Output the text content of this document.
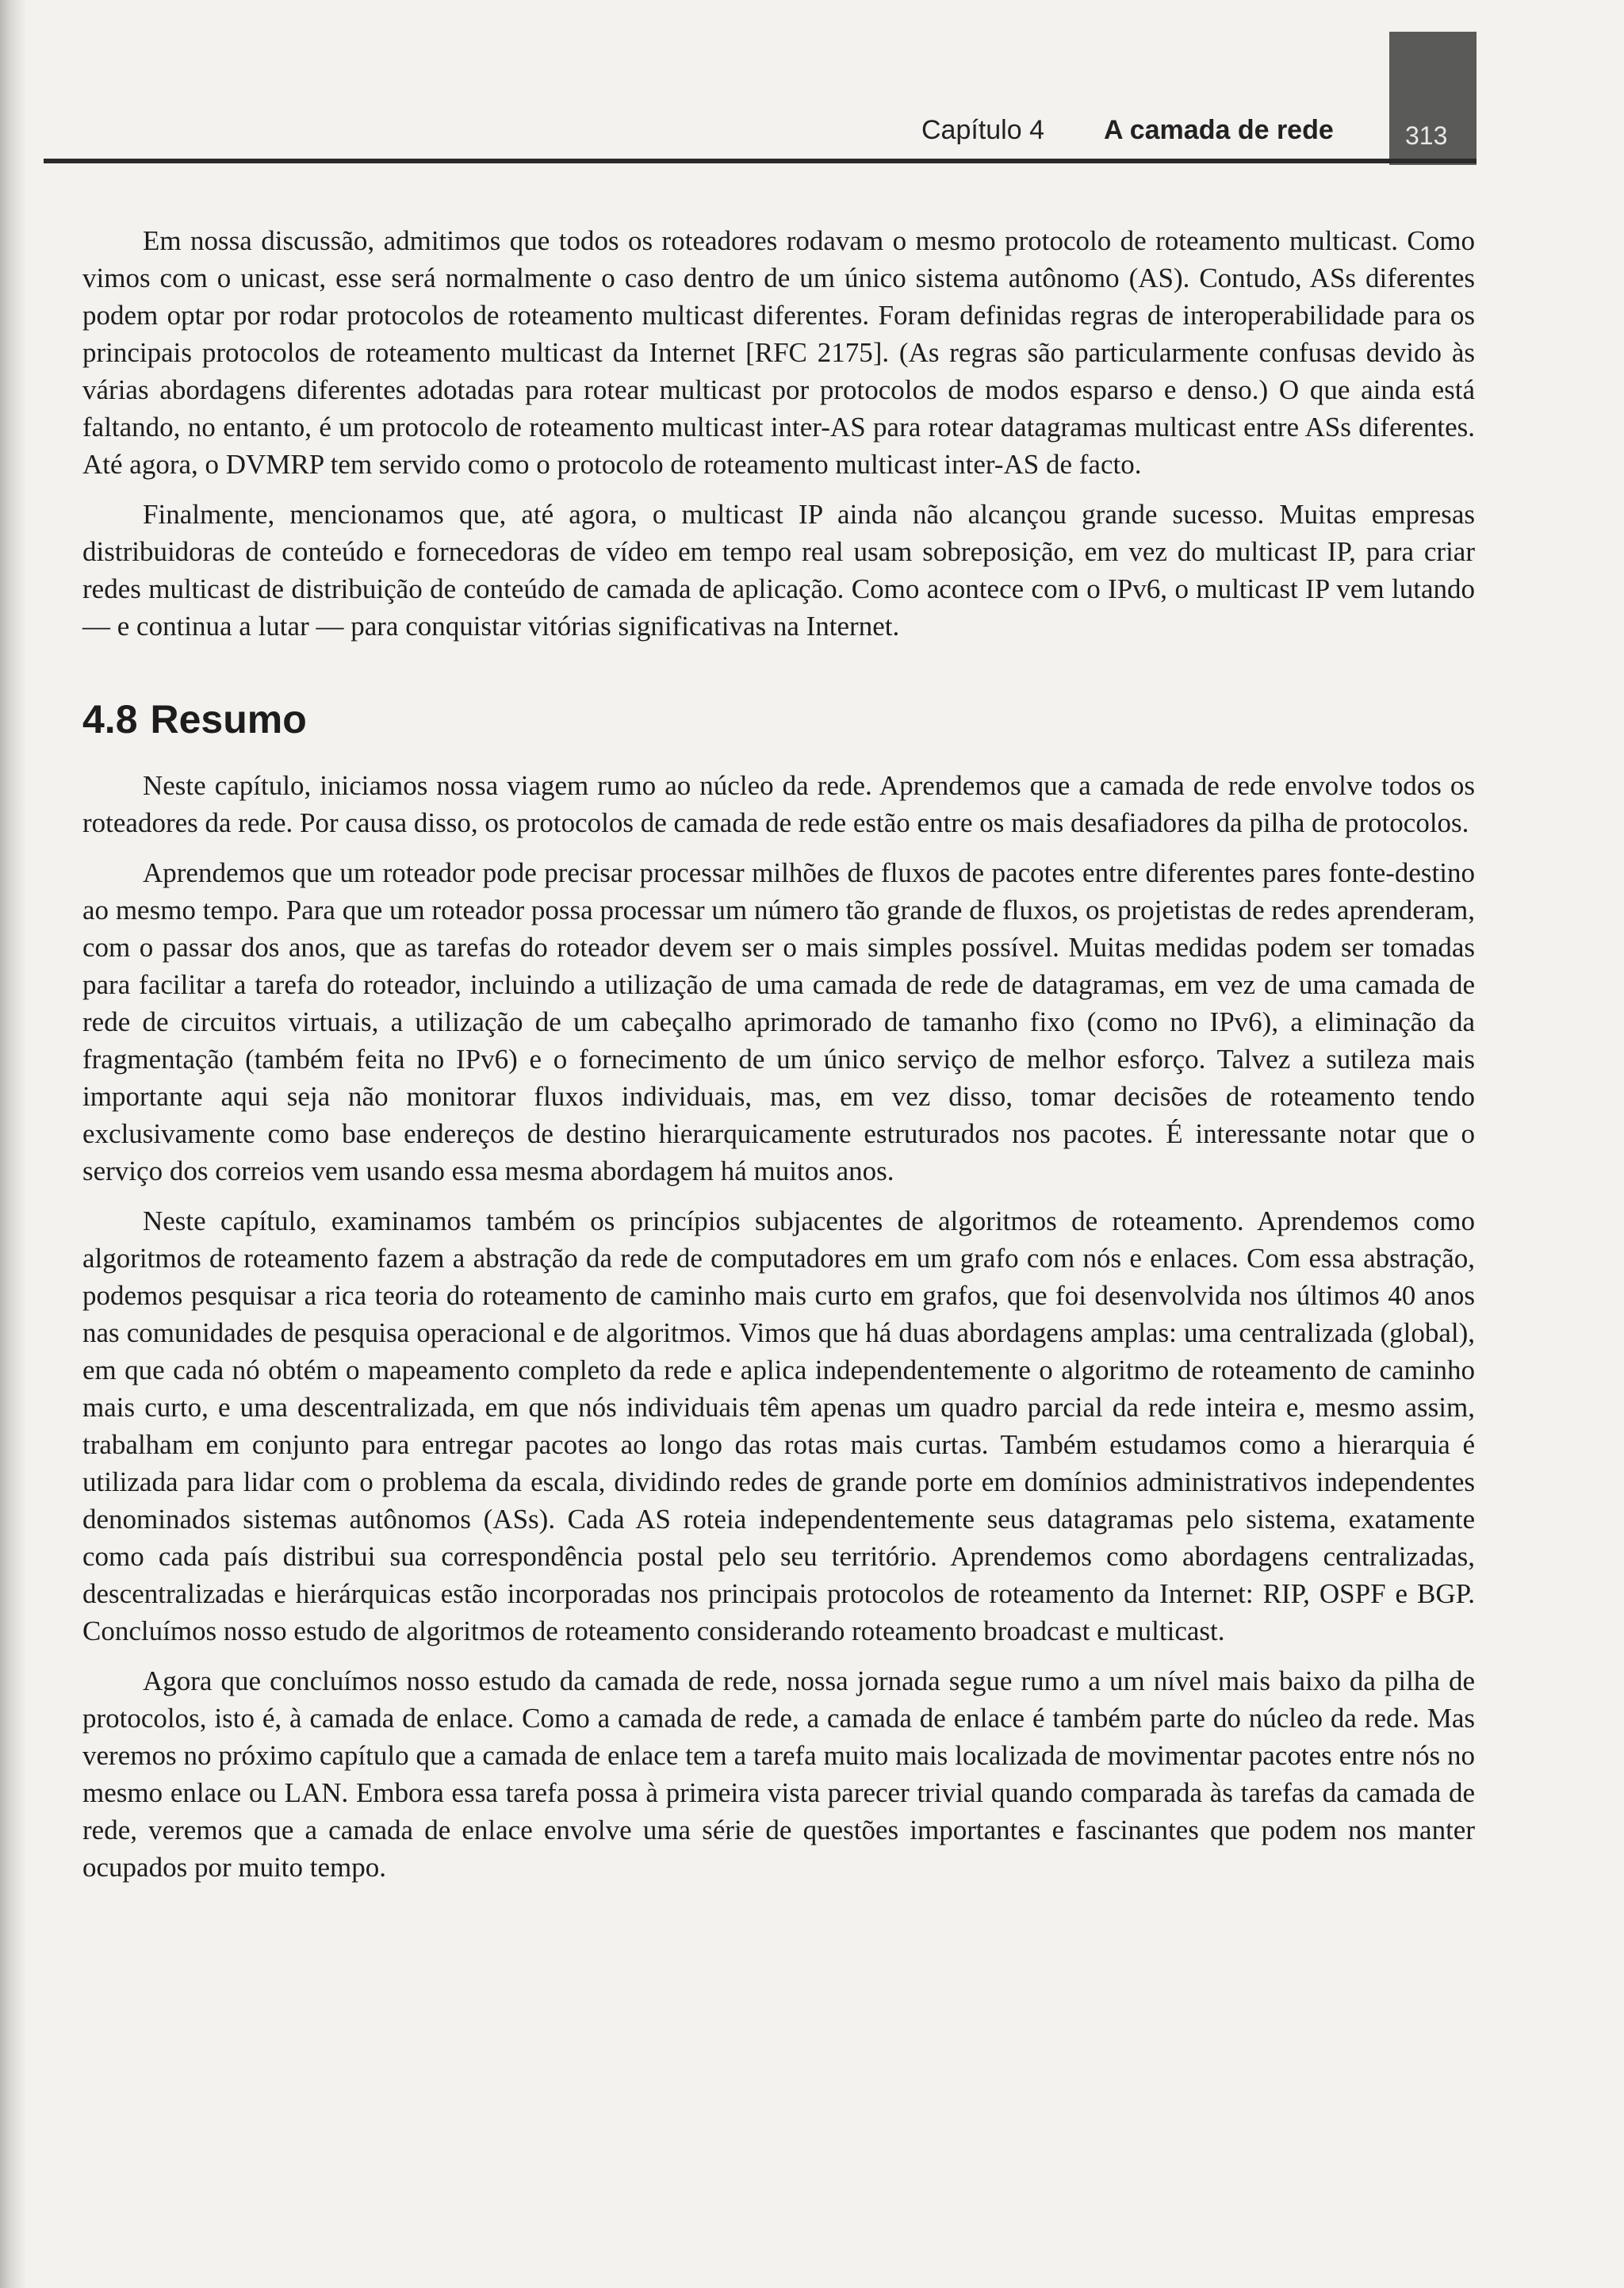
313
Capítulo 4 A camada de rede

Em nossa discussão, admitimos que todos os roteadores rodavam o mesmo protocolo de roteamento multicast. Como vimos com o unicast, esse será normalmente o caso dentro de um único sistema autônomo (AS). Contudo, ASs diferentes podem optar por rodar protocolos de roteamento multicast diferentes. Foram definidas regras de interoperabilidade para os principais protocolos de roteamento multicast da Internet [RFC 2175]. (As regras são particularmente confusas devido às várias abordagens diferentes adotadas para rotear multicast por protocolos de modos esparso e denso.) O que ainda está faltando, no entanto, é um protocolo de roteamento multicast inter-AS para rotear datagramas multicast entre ASs diferentes. Até agora, o DVMRP tem servido como o protocolo de roteamento multicast inter-AS de facto.

Finalmente, mencionamos que, até agora, o multicast IP ainda não alcançou grande sucesso. Muitas empresas distribuidoras de conteúdo e fornecedoras de vídeo em tempo real usam sobreposição, em vez do multicast IP, para criar redes multicast de distribuição de conteúdo de camada de aplicação. Como acontece com o IPv6, o multicast IP vem lutando — e continua a lutar — para conquistar vitórias significativas na Internet.

4.8 Resumo

Neste capítulo, iniciamos nossa viagem rumo ao núcleo da rede. Aprendemos que a camada de rede envolve todos os roteadores da rede. Por causa disso, os protocolos de camada de rede estão entre os mais desafiadores da pilha de protocolos.

Aprendemos que um roteador pode precisar processar milhões de fluxos de pacotes entre diferentes pares fonte-destino ao mesmo tempo. Para que um roteador possa processar um número tão grande de fluxos, os projetistas de redes aprenderam, com o passar dos anos, que as tarefas do roteador devem ser o mais simples possível. Muitas medidas podem ser tomadas para facilitar a tarefa do roteador, incluindo a utilização de uma camada de rede de datagramas, em vez de uma camada de rede de circuitos virtuais, a utilização de um cabeçalho aprimorado de tamanho fixo (como no IPv6), a eliminação da fragmentação (também feita no IPv6) e o fornecimento de um único serviço de melhor esforço. Talvez a sutileza mais importante aqui seja não monitorar fluxos individuais, mas, em vez disso, tomar decisões de roteamento tendo exclusivamente como base endereços de destino hierarquicamente estruturados nos pacotes. É interessante notar que o serviço dos correios vem usando essa mesma abordagem há muitos anos.

Neste capítulo, examinamos também os princípios subjacentes de algoritmos de roteamento. Aprendemos como algoritmos de roteamento fazem a abstração da rede de computadores em um grafo com nós e enlaces. Com essa abstração, podemos pesquisar a rica teoria do roteamento de caminho mais curto em grafos, que foi desenvolvida nos últimos 40 anos nas comunidades de pesquisa operacional e de algoritmos. Vimos que há duas abordagens amplas: uma centralizada (global), em que cada nó obtém o mapeamento completo da rede e aplica independentemente o algoritmo de roteamento de caminho mais curto, e uma descentralizada, em que nós individuais têm apenas um quadro parcial da rede inteira e, mesmo assim, trabalham em conjunto para entregar pacotes ao longo das rotas mais curtas. Também estudamos como a hierarquia é utilizada para lidar com o problema da escala, dividindo redes de grande porte em domínios administrativos independentes denominados sistemas autônomos (ASs). Cada AS roteia independentemente seus datagramas pelo sistema, exatamente como cada país distribui sua correspondência postal pelo seu território. Aprendemos como abordagens centralizadas, descentralizadas e hierárquicas estão incorporadas nos principais protocolos de roteamento da Internet: RIP, OSPF e BGP. Concluímos nosso estudo de algoritmos de roteamento considerando roteamento broadcast e multicast.

Agora que concluímos nosso estudo da camada de rede, nossa jornada segue rumo a um nível mais baixo da pilha de protocolos, isto é, à camada de enlace. Como a camada de rede, a camada de enlace é também parte do núcleo da rede. Mas veremos no próximo capítulo que a camada de enlace tem a tarefa muito mais localizada de movimentar pacotes entre nós no mesmo enlace ou LAN. Embora essa tarefa possa à primeira vista parecer trivial quando comparada às tarefas da camada de rede, veremos que a camada de enlace envolve uma série de questões importantes e fascinantes que podem nos manter ocupados por muito tempo.
